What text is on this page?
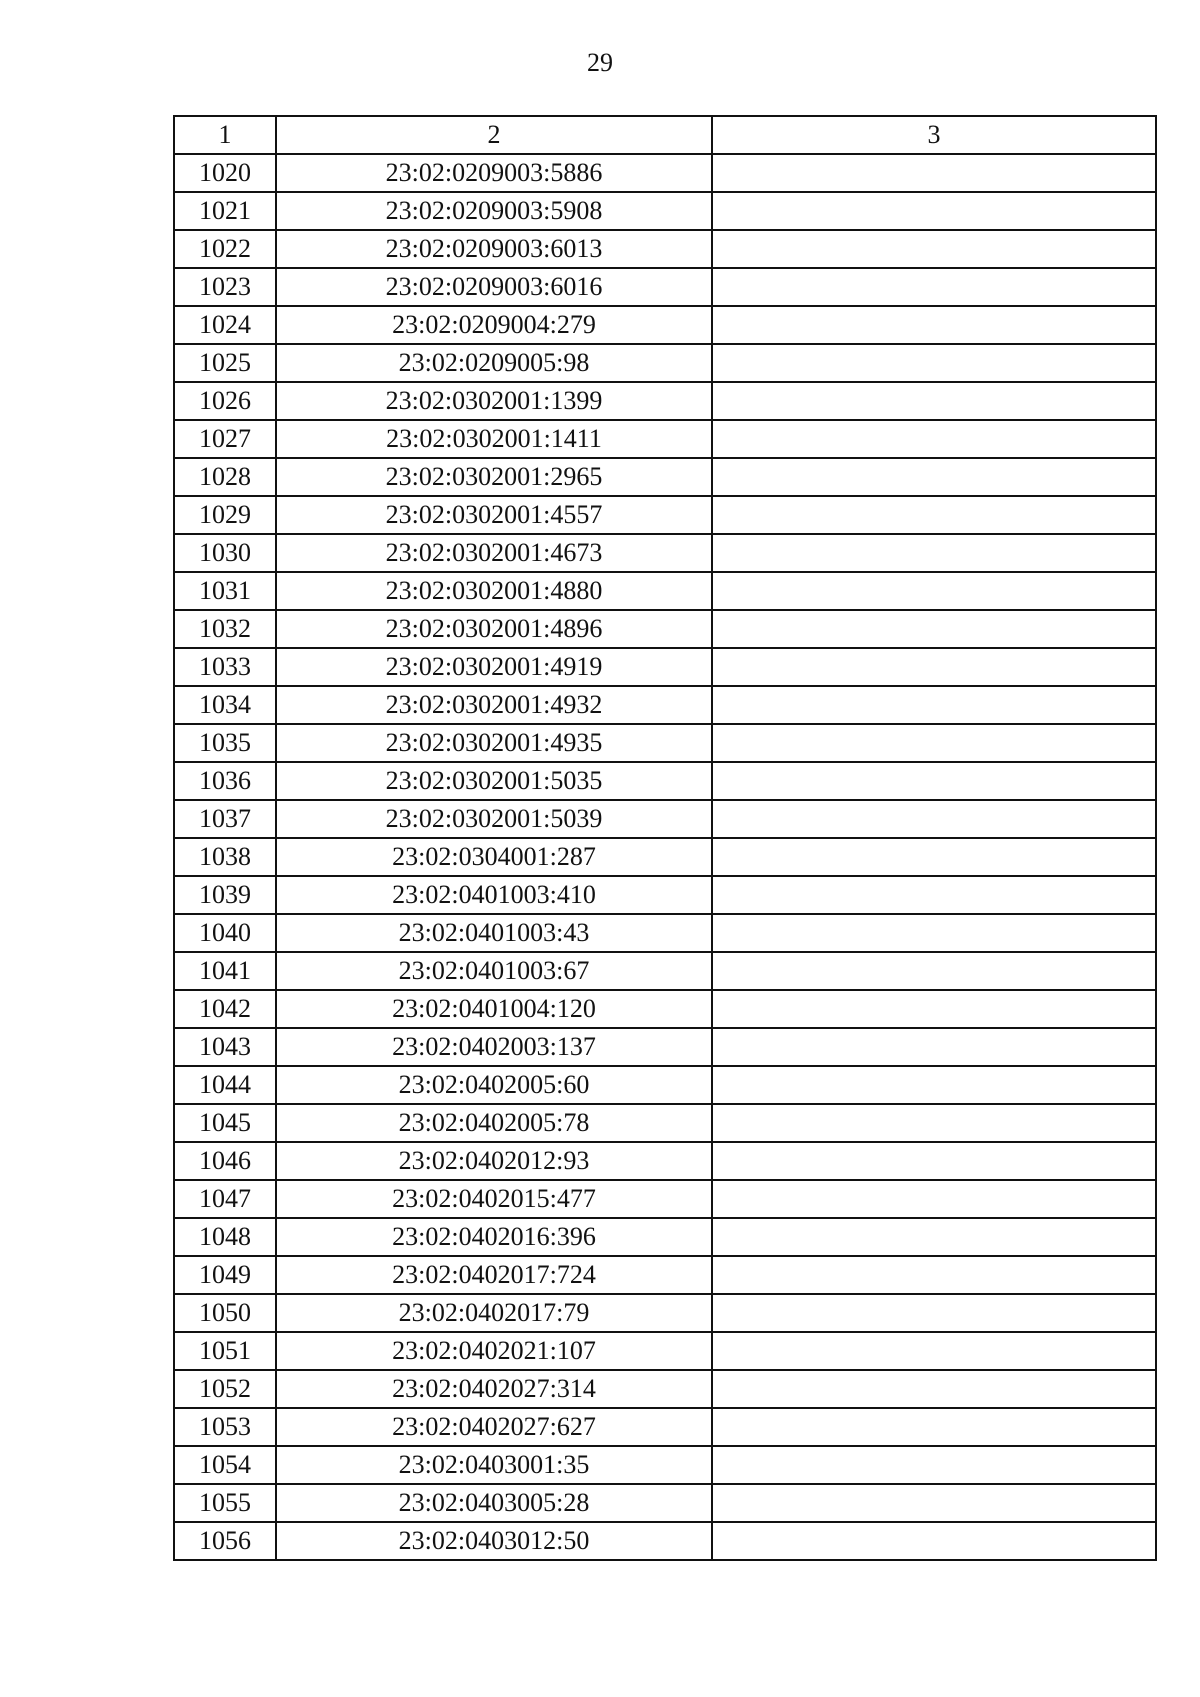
29
1	2	3
1020	23:02:0209003:5886	
1021	23:02:0209003:5908	
1022	23:02:0209003:6013	
1023	23:02:0209003:6016	
1024	23:02:0209004:279	
1025	23:02:0209005:98	
1026	23:02:0302001:1399	
1027	23:02:0302001:1411	
1028	23:02:0302001:2965	
1029	23:02:0302001:4557	
1030	23:02:0302001:4673	
1031	23:02:0302001:4880	
1032	23:02:0302001:4896	
1033	23:02:0302001:4919	
1034	23:02:0302001:4932	
1035	23:02:0302001:4935	
1036	23:02:0302001:5035	
1037	23:02:0302001:5039	
1038	23:02:0304001:287	
1039	23:02:0401003:410	
1040	23:02:0401003:43	
1041	23:02:0401003:67	
1042	23:02:0401004:120	
1043	23:02:0402003:137	
1044	23:02:0402005:60	
1045	23:02:0402005:78	
1046	23:02:0402012:93	
1047	23:02:0402015:477	
1048	23:02:0402016:396	
1049	23:02:0402017:724	
1050	23:02:0402017:79	
1051	23:02:0402021:107	
1052	23:02:0402027:314	
1053	23:02:0402027:627	
1054	23:02:0403001:35	
1055	23:02:0403005:28	
1056	23:02:0403012:50	
